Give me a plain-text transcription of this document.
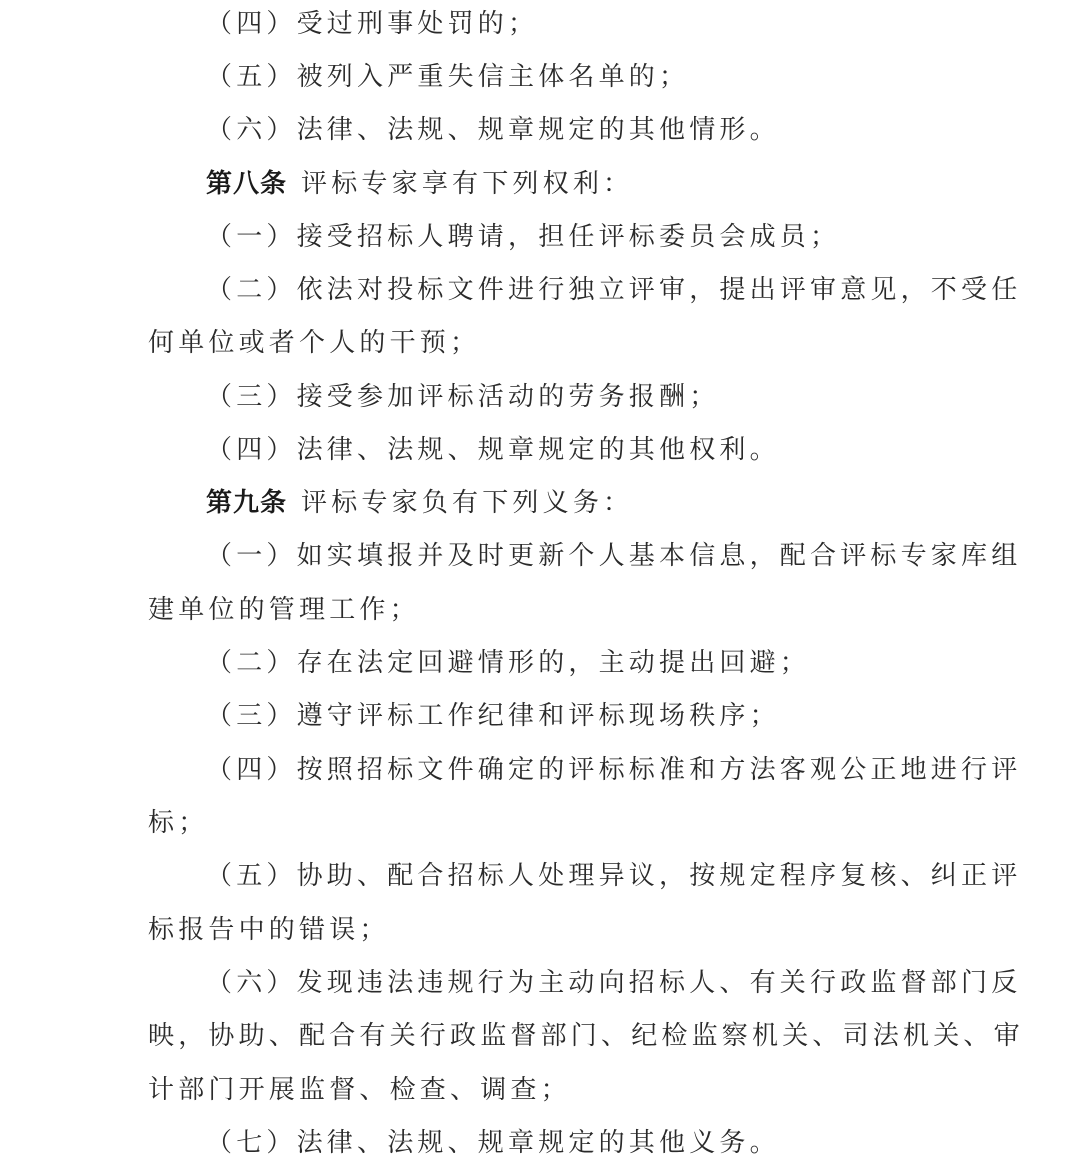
（四）受过刑事处罚的；
（五）被列入严重失信主体名单的；
（六）法律、法规、规章规定的其他情形。
第八条 评标专家享有下列权利：
（一）接受招标人聘请，担任评标委员会成员；
（二）依法对投标文件进行独立评审，提出评审意见，不受任
何单位或者个人的干预；
（三）接受参加评标活动的劳务报酬；
（四）法律、法规、规章规定的其他权利。
第九条 评标专家负有下列义务：
（一）如实填报并及时更新个人基本信息，配合评标专家库组
建单位的管理工作；
（二）存在法定回避情形的，主动提出回避；
（三）遵守评标工作纪律和评标现场秩序；
（四）按照招标文件确定的评标标准和方法客观公正地进行评
标；
（五）协助、配合招标人处理异议，按规定程序复核、纠正评
标报告中的错误；
（六）发现违法违规行为主动向招标人、有关行政监督部门反
映，协助、配合有关行政监督部门、纪检监察机关、司法机关、审
计部门开展监督、检查、调查；
（七）法律、法规、规章规定的其他义务。
